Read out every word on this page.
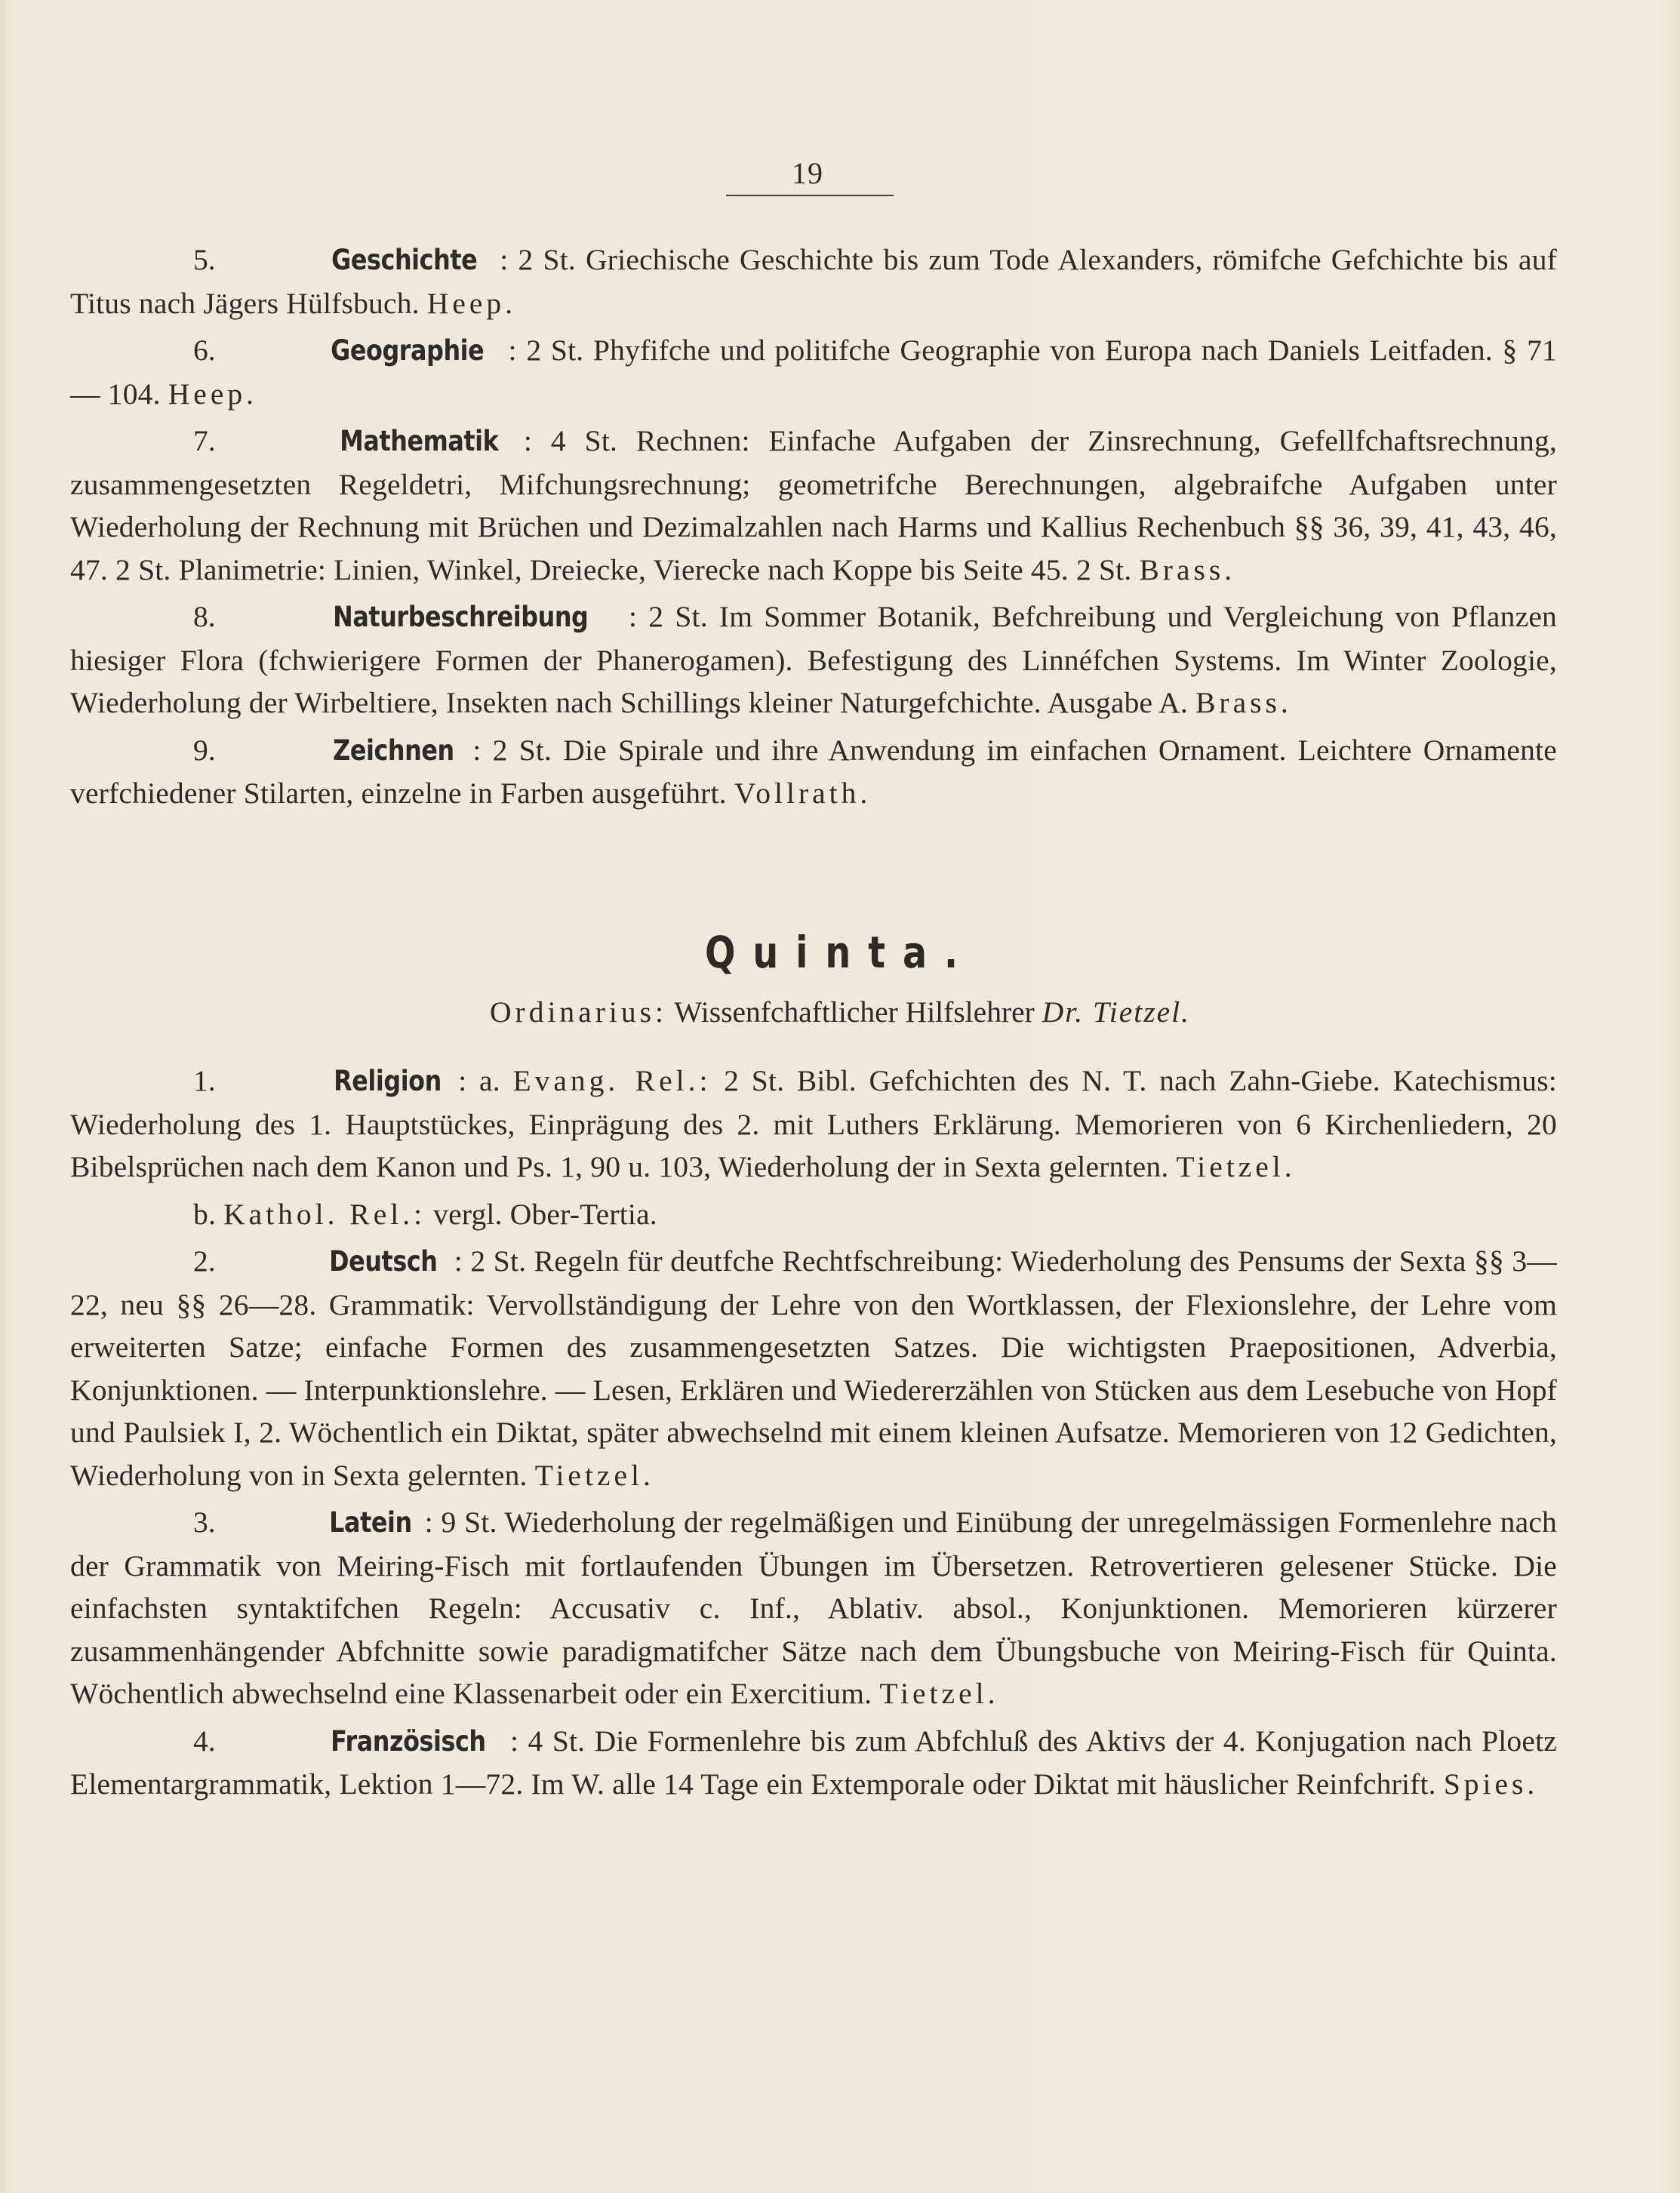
19

5.	Geschichte : 2 St. Griechische Geschichte bis zum Tode Alexanders, römifche Gefchichte bis auf Titus nach Jägers Hülfsbuch. Heep.

6.	Geographie : 2 St. Phyfifche und politifche Geographie von Europa nach Daniels Leitfaden. § 71 — 104. Heep.

7.	Mathematik : 4 St. Rechnen: Einfache Aufgaben der Zinsrechnung, Gefellfchaftsrechnung, zusammengesetzten Regeldetri, Mifchungsrechnung; geometrifche Berechnungen, algebraifche Aufgaben unter Wiederholung der Rechnung mit Brüchen und Dezimalzahlen nach Harms und Kallius Rechenbuch §§ 36, 39, 41, 43, 46, 47. 2 St. Planimetrie: Linien, Winkel, Dreiecke, Vierecke nach Koppe bis Seite 45. 2 St. Brass.

8.	Naturbeschreibung : 2 St. Im Sommer Botanik, Befchreibung und Vergleichung von Pflanzen hiesiger Flora (fchwierigere Formen der Phanerogamen). Befestigung des Linnéfchen Systems. Im Winter Zoologie, Wiederholung der Wirbeltiere, Insekten nach Schillings kleiner Naturgefchichte. Ausgabe A. Brass.

9.	Zeichnen : 2 St. Die Spirale und ihre Anwendung im einfachen Ornament. Leichtere Ornamente verfchiedener Stilarten, einzelne in Farben ausgeführt. Vollrath.

Quinta.
Ordinarius: Wissenfchaftlicher Hilfslehrer Dr. Tietzel.

1.	Religion : a. Evang. Rel.: 2 St. Bibl. Gefchichten des N. T. nach Zahn-Giebe. Katechismus: Wiederholung des 1. Hauptstückes, Einprägung des 2. mit Luthers Erklärung. Memorieren von 6 Kirchenliedern, 20 Bibelsprüchen nach dem Kanon und Ps. 1, 90 u. 103, Wiederholung der in Sexta gelernten. Tietzel.

b. Kathol. Rel.: vergl. Ober-Tertia.

2.	Deutsch : 2 St. Regeln für deutfche Rechtfschreibung: Wiederholung des Pensums der Sexta §§ 3—22, neu §§ 26—28. Grammatik: Vervollständigung der Lehre von den Wortklassen, der Flexionslehre, der Lehre vom erweiterten Satze; einfache Formen des zusammengesetzten Satzes. Die wichtigsten Praepositionen, Adverbia, Konjunktionen. — Interpunktionslehre. — Lesen, Erklären und Wiedererzählen von Stücken aus dem Lesebuche von Hopf und Paulsiek I, 2. Wöchentlich ein Diktat, später abwechselnd mit einem kleinen Aufsatze. Memorieren von 12 Gedichten, Wiederholung von in Sexta gelernten. Tietzel.

3.	Latein : 9 St. Wiederholung der regelmäßigen und Einübung der unregelmässigen Formenlehre nach der Grammatik von Meiring-Fisch mit fortlaufenden Übungen im Übersetzen. Retrovertieren gelesener Stücke. Die einfachsten syntaktifchen Regeln: Accusativ c. Inf., Ablativ. absol., Konjunktionen. Memorieren kürzerer zusammenhängender Abfchnitte sowie paradigmatifcher Sätze nach dem Übungsbuche von Meiring-Fisch für Quinta. Wöchentlich abwechselnd eine Klassenarbeit oder ein Exercitium. Tietzel.

4.	Französisch : 4 St. Die Formenlehre bis zum Abfchluß des Aktivs der 4. Konjugation nach Ploetz Elementargrammatik, Lektion 1—72. Im W. alle 14 Tage ein Extemporale oder Diktat mit häuslicher Reinfchrift. Spies.
